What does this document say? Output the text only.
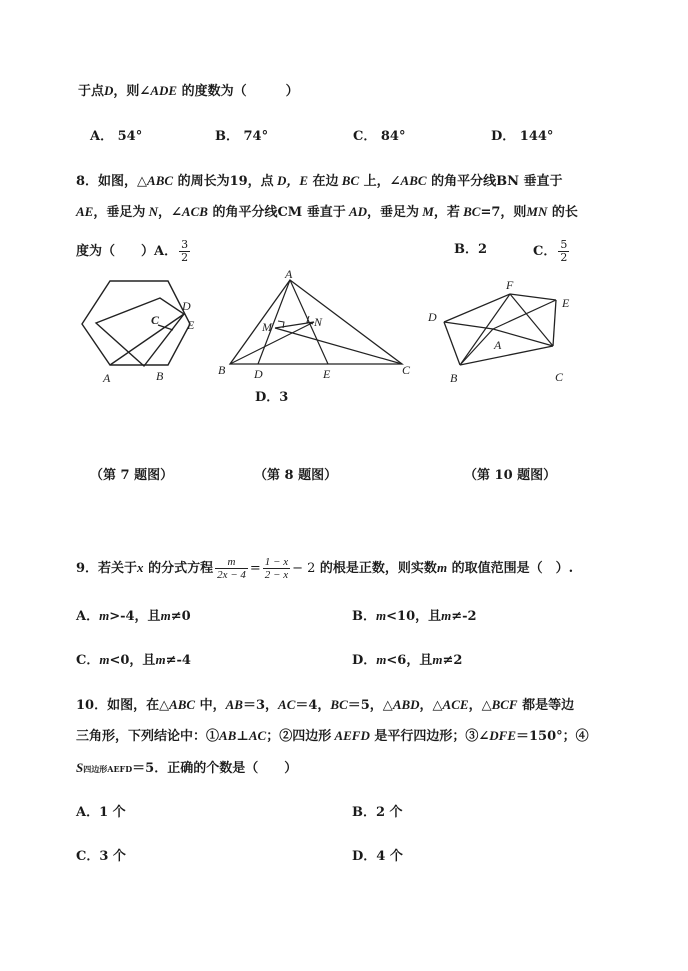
于点D，则∠ADE 的度数为（　　　）
A． 54°	B． 74°	C． 84°	D． 144°
8．如图，△ABC 的周长为19，点 D，E 在边 BC 上，∠ABC 的角平分线BN 垂直于
AE，垂足为 N，∠ACB 的角平分线CM 垂直于 AD，垂足为 M，若 BC=7，则MN 的长
度为（　　）A． $\frac{3}{2}$	B．2	C． $\frac{5}{2}$
A	B
C
D
E
A
M	N
B D	E	C
D．3
F
E
D
A
B	C
（第 7 题图）	（第 8 题图）	（第 10 题图）
9．若关于x 的分式方程 $\frac{m}{2x - 4} = \frac{1 - x}{2 - x} - 2$ 的根是正数，则实数m 的取值范围是（　）.
A．m>-4，且m≠0	B．m<10，且m≠-2
C．m<0，且m≠-4	D．m<6，且m≠2
10．如图，在△ABC 中，AB＝3，AC＝4，BC＝5，△ABD，△ACE，△BCF 都是等边
三角形，下列结论中：①AB⊥AC；②四边形 AEFD 是平行四边形；③∠DFE＝150°；④
S四边形AEFD＝5．正确的个数是（　　）
A．1 个	B．2 个
C．3 个	D．4 个
